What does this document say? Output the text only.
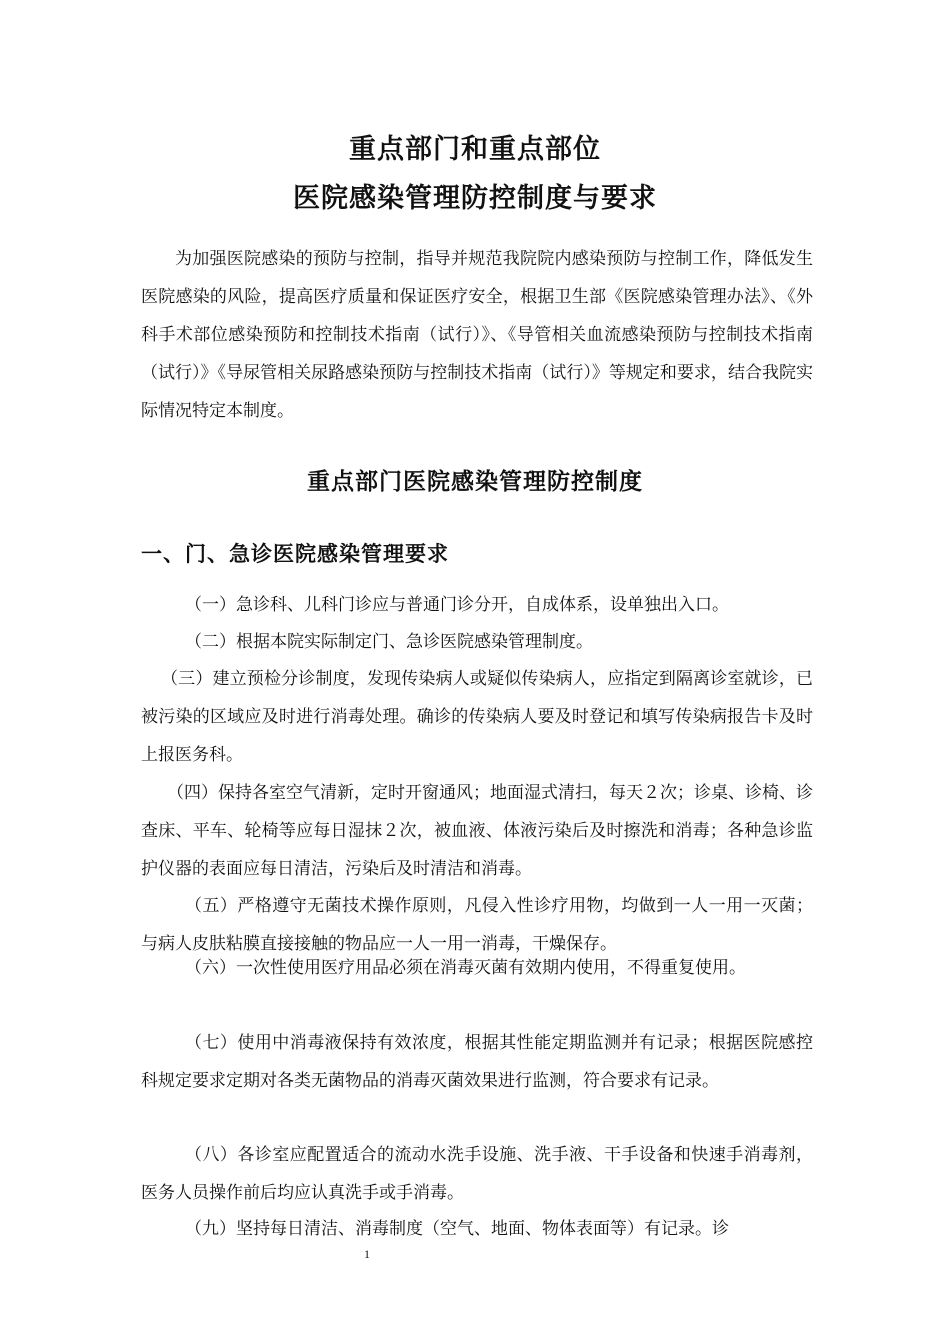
重点部门和重点部位
医院感染管理防控制度与要求

为加强医院感染的预防与控制，指导并规范我院院内感染预防与控制工作，降低发生医院感染的风险，提高医疗质量和保证医疗安全，根据卫生部《医院感染管理办法》、《外科手术部位感染预防和控制技术指南（试行）》、《导管相关血流感染预防与控制技术指南（试行）》《导尿管相关尿路感染预防与控制技术指南（试行）》等规定和要求，结合我院实际情况特定本制度。

重点部门医院感染管理防控制度
一、门、急诊医院感染管理要求

（一）急诊科、儿科门诊应与普通门诊分开，自成体系，设单独出入口。

（二）根据本院实际制定门、急诊医院感染管理制度。

（三）建立预检分诊制度，发现传染病人或疑似传染病人，应指定到隔离诊室就诊，已被污染的区域应及时进行消毒处理。确诊的传染病人要及时登记和填写传染病报告卡及时上报医务科。

（四）保持各室空气清新，定时开窗通风；地面湿式清扫，每天２次；诊桌、诊椅、诊查床、平车、轮椅等应每日湿抹２次，被血液、体液污染后及时擦洗和消毒；各种急诊监护仪器的表面应每日清洁，污染后及时清洁和消毒。

（五）严格遵守无菌技术操作原则，凡侵入性诊疗用物，均做到一人一用一灭菌；与病人皮肤粘膜直接接触的物品应一人一用一消毒，干燥保存。

（六）一次性使用医疗用品必须在消毒灭菌有效期内使用，不得重复使用。

（七）使用中消毒液保持有效浓度，根据其性能定期监测并有记录；根据医院感控科规定要求定期对各类无菌物品的消毒灭菌效果进行监测，符合要求有记录。

（八）各诊室应配置适合的流动水洗手设施、洗手液、干手设备和快速手消毒剂，医务人员操作前后均应认真洗手或手消毒。

（九）坚持每日清洁、消毒制度（空气、地面、物体表面等）有记录。诊

1
